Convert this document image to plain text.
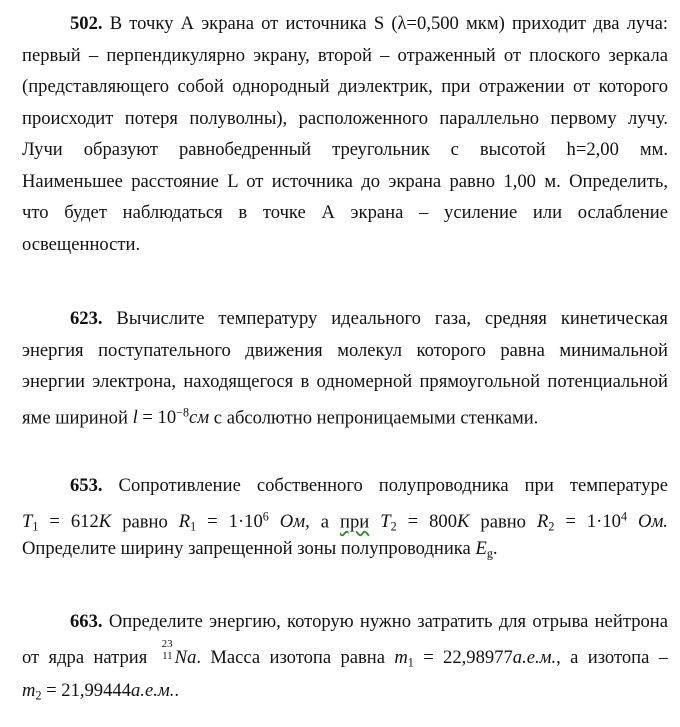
502. В точку А экрана от источника S (λ=0,500 мкм) приходит два луча:
первый – перпендикулярно экрану, второй – отраженный от плоского зеркала
(представляющего собой однородный диэлектрик, при отражении от которого
происходит потеря полуволны), расположенного параллельно первому лучу.
Лучи образуют равнобедренный треугольник с высотой h=2,00 мм.
Наименьшее расстояние L от источника до экрана равно 1,00 м. Определить,
что будет наблюдаться в точке А экрана – усиление или ослабление
освещенности.
623. Вычислите температуру идеального газа, средняя кинетическая
энергия поступательного движения молекул которого равна минимальной
энергии электрона, находящегося в одномерной прямоугольной потенциальной
яме шириной $l = 10^{-8}см$ с абсолютно непроницаемыми стенками.
653. Сопротивление собственного полупроводника при температуре
T1 = 612K равно $R1 = 1\cdot 10^6$ Ом, а при T2 = 800K равно $R2 = 1\cdot 10^4$ Ом.
Определите ширину запрещенной зоны полупроводника Eg.
663. Определите энергию, которую нужно затратить для отрыва нейтрона
от ядра натрия
23
11 Na. Масса изотопа равна m1 = 22,98977а.е.м., а изотопа –
m2 = 21,99444а.е.м..
